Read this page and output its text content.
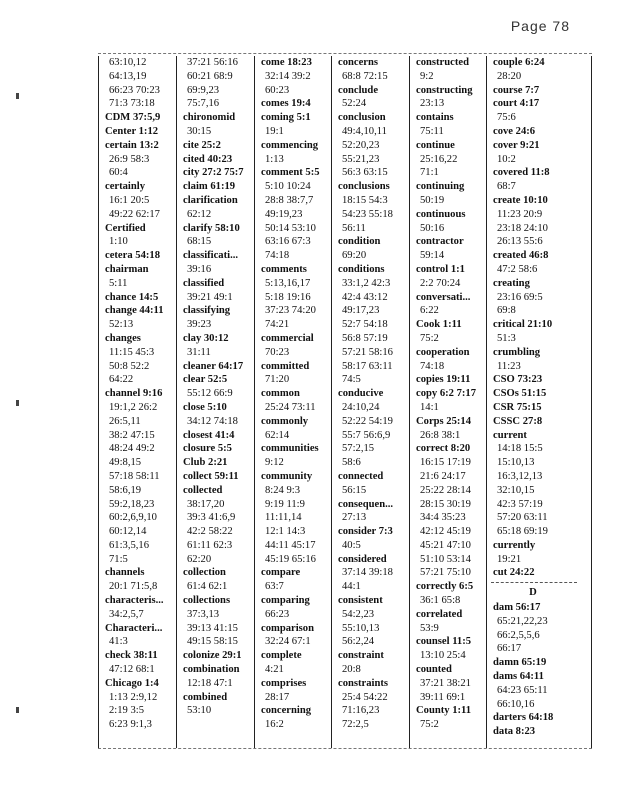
Page 78
63:10,12
64:13,19
66:23 70:23
71:3 73:18
CDM 37:5,9
Center 1:12
certain 13:2
26:9 58:3
60:4
certainly
16:1 20:5
49:22 62:17
Certified
1:10
cetera 54:18
chairman
5:11
chance 14:5
change 44:11
52:13
changes
11:15 45:3
50:8 52:2
64:22
channel 9:16
19:1,2 26:2
26:5,11
38:2 47:15
48:24 49:2
49:8,15
57:18 58:11
58:6,19
59:2,18,23
60:2,6,9,10
60:12,14
61:3,5,16
71:5
channels
20:1 71:5,8
characteris...
34:2,5,7
Characteri...
41:3
check 38:11
47:12 68:1
Chicago 1:4
1:13 2:9,12
2:19 3:5
6:23 9:1,3
37:21 56:16
60:21 68:9
69:9,23
75:7,16
chironomid
30:15
cite 25:2
cited 40:23
city 27:2 75:7
claim 61:19
clarification
62:12
clarify 58:10
68:15
classificati...
39:16
classified
39:21 49:1
classifying
39:23
clay 30:12
31:11
cleaner 64:17
clear 52:5
55:12 66:9
close 5:10
34:12 74:18
closest 41:4
closure 5:5
Club 2:21
collect 59:11
collected
38:17,20
39:3 41:6,9
42:2 58:22
61:11 62:3
62:20
collection
61:4 62:1
collections
37:3,13
39:13 41:15
49:15 58:15
colonize 29:1
combination
12:18 47:1
combined
53:10
come 18:23
32:14 39:2
60:23
comes 19:4
coming 5:1
19:1
commencing
1:13
comment 5:5
5:10 10:24
28:8 38:7,7
49:19,23
50:14 53:10
63:16 67:3
74:18
comments
5:13,16,17
5:18 19:16
37:23 74:20
74:21
commercial
70:23
committed
71:20
common
25:24 73:11
commonly
62:14
communities
9:12
community
8:24 9:3
9:19 11:9
11:11,14
12:1 14:3
44:11 45:17
45:19 65:16
compare
63:7
comparing
66:23
comparison
32:24 67:1
complete
4:21
comprises
28:17
concerning
16:2
concerns
68:8 72:15
conclude
52:24
conclusion
49:4,10,11
52:20,23
55:21,23
56:3 63:15
conclusions
18:15 54:3
54:23 55:18
56:11
condition
69:20
conditions
33:1,2 42:3
42:4 43:12
49:17,23
52:7 54:18
56:8 57:19
57:21 58:16
58:17 63:11
74:5
conducive
24:10,24
52:22 54:19
55:7 56:6,9
57:2,15
58:6
connected
56:15
consequen...
27:13
consider 7:3
40:5
considered
37:14 39:18
44:1
consistent
54:2,23
55:10,13
56:2,24
constraint
20:8
constraints
25:4 54:22
71:16,23
72:2,5
constructed
9:2
constructing
23:13
contains
75:11
continue
25:16,22
71:1
continuing
50:19
continuous
50:16
contractor
59:14
control 1:1
2:2 70:24
conversati...
6:22
Cook 1:11
75:2
cooperation
74:18
copies 19:11
copy 6:2 7:17
14:1
Corps 25:14
26:8 38:1
correct 8:20
16:15 17:19
21:6 24:17
25:22 28:14
28:15 30:19
34:4 35:23
42:12 45:19
45:21 47:10
51:10 53:14
57:21 75:10
correctly 6:5
36:1 65:8
correlated
53:9
counsel 11:5
13:10 25:4
counted
37:21 38:21
39:11 69:1
County 1:11
75:2
couple 6:24
28:20
course 7:7
court 4:17
75:6
cove 24:6
cover 9:21
10:2
covered 11:8
68:7
create 10:10
11:23 20:9
23:18 24:10
26:13 55:6
created 46:8
47:2 58:6
creating
23:16 69:5
69:8
critical 21:10
51:3
crumbling
11:23
CSO 73:23
CSOs 51:15
CSR 75:15
CSSC 27:8
current
14:18 15:5
15:10,13
16:3,12,13
32:10,15
42:3 57:19
57:20 63:11
65:18 69:19
currently
19:21
cut 24:22
D
dam 56:17
65:21,22,23
66:2,5,5,6
66:17
damn 65:19
dams 64:11
64:23 65:11
66:10,16
darters 64:18
data 8:23
